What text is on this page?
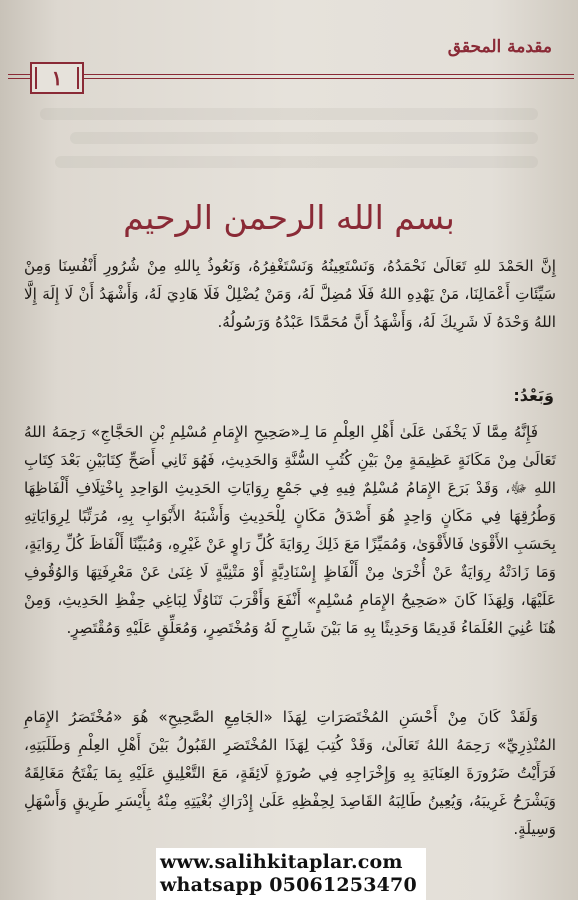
مقدمة المحقق
١
بسم الله الرحمن الرحيم
إِنَّ الحَمْدَ للهِ تَعَالَىٰ نَحْمَدُهُ، وَنَسْتَعِينُهُ وَنَسْتَغْفِرُهُ، وَنَعُوذُ بِاللهِ مِنْ شُرُورِ أَنْفُسِنَا وَمِنْ سَيِّئَاتِ أَعْمَالِنَا، مَنْ يَهْدِهِ اللهُ فَلَا مُضِلَّ لَهُ، وَمَنْ يُضْلِلْ فَلَا هَادِيَ لَهُ، وَأَشْهَدُ أَنْ لَا إِلَهَ إِلَّا اللهُ وَحْدَهُ لَا شَرِيكَ لَهُ، وَأَشْهَدُ أَنَّ مُحَمَّدًا عَبْدُهُ وَرَسُولُهُ.
وَبَعْدُ:
فَإِنَّهُ مِمَّا لَا يَخْفَىٰ عَلَىٰ أَهْلِ العِلْمِ مَا لِـ«صَحِيحِ الإِمَامِ مُسْلِمِ بْنِ الحَجَّاجِ» رَحِمَهُ اللهُ تَعَالَىٰ مِنْ مَكَانَةٍ عَظِيمَةٍ مِنْ بَيْنِ كُتُبِ السُّنَّةِ وَالحَدِيثِ، فَهُوَ ثَانِي أَصَحِّ كِتَابَيْنِ بَعْدَ كِتَابِ اللهِ ﷻ، وَقَدْ بَرَعَ الإِمَامُ مُسْلِمٌ فِيهِ فِي جَمْعِ رِوَايَاتِ الحَدِيثِ الوَاحِدِ بِاخْتِلَافِ أَلْفَاظِهَا وَطُرُقِهَا فِي مَكَانٍ وَاحِدٍ هُوَ أَصْدَقُ مَكَانٍ لِلْحَدِيثِ وَأَشْبَهُ الأَبْوَابِ بِهِ، مُرَتِّبًا لِرِوَايَاتِهِ بِحَسَبِ الأَقْوَىٰ فَالأَقْوَىٰ، وَمُمَيِّزًا مَعَ ذَلِكَ رِوَايَةَ كُلِّ رَاوٍ عَنْ غَيْرِهِ، وَمُبَيِّنًا أَلْفَاظَ كُلِّ رِوَايَةٍ، وَمَا زَادَتْهُ رِوَايَةٌ عَنْ أُخْرَىٰ مِنْ أَلْفَاظٍ إِسْنَادِيَّةٍ أَوْ مَتْنِيَّةٍ لَا غِنَىٰ عَنْ مَعْرِفَتِهَا وَالوُقُوفِ عَلَيْهَا، وَلِهَذَا كَانَ «صَحِيحُ الإِمَامِ مُسْلِمٍ» أَنْفَعَ وَأَقْرَبَ تَنَاوُلًا لِبَاغِي حِفْظِ الحَدِيثِ، وَمِنْ هُنَا عُنِيَ العُلَمَاءُ قَدِيمًا وَحَدِيثًا بِهِ مَا بَيْنَ شَارِحٍ لَهُ وَمُخْتَصِرٍ، وَمُعَلِّقٍ عَلَيْهِ وَمُقْتَصِرٍ.
وَلَقَدْ كَانَ مِنْ أَحْسَنِ المُخْتَصَرَاتِ لِهَذَا «الجَامِعِ الصَّحِيحِ» هُوَ «مُخْتَصَرُ الإِمَامِ المُنْذِرِيِّ» رَحِمَهُ اللهُ تَعَالَىٰ، وَقَدْ كُتِبَ لِهَذَا المُخْتَصَرِ القَبُولُ بَيْنَ أَهْلِ العِلْمِ وَطَلَبَتِهِ، فَرَأَيْتُ ضَرُورَةَ العِنَايَةِ بِهِ وَإِخْرَاجِهِ فِي صُورَةٍ لَائِقَةٍ، مَعَ التَّعْلِيقِ عَلَيْهِ بِمَا يَفْتَحُ مَغَالِقَهُ وَيَشْرَحُ غَرِيبَهُ، وَيُعِينُ طَالِبَهُ القَاصِدَ لِحِفْظِهِ عَلَىٰ إِدْرَاكِ بُغْيَتِهِ مِنْهُ بِأَيْسَرِ طَرِيقٍ وَأَسْهَلِ وَسِيلَةٍ.
www.salihkitaplar.com
whatsapp 05061253470
